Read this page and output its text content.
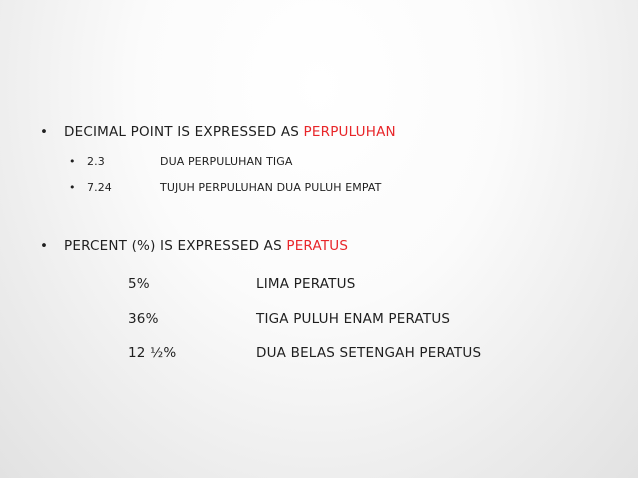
• DECIMAL POINT IS EXPRESSED AS PERPULUHAN
• 2.3	DUA PERPULUHAN TIGA
• 7.24	TUJUH PERPULUHAN DUA PULUH EMPAT
• PERCENT (%) IS EXPRESSED AS PERATUS
5%	LIMA PERATUS
36%	TIGA PULUH ENAM PERATUS
12 ½%	DUA BELAS SETENGAH PERATUS
